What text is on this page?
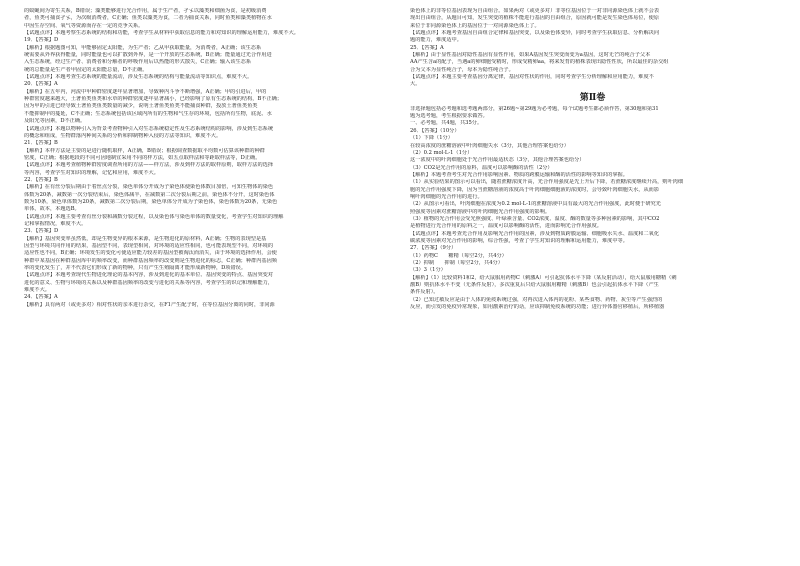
的蚊蝇间为寄生关系，B错误；藻类能够进行光合作用，属于生产者，孑孓以藻类和细菌为食，是初级消费
者，鱼类可捕食孑孓，为次级消费者，C正确；鱼类以藻类为食，二者为捕食关系，同时鱼类和藻类植物在水
中因生存空间、氧气等资源而存在一定的竞争关系。
【试题点评】本题考察生态系统的结构和功能，考查学生从材料中获取信息的能力和对知识的理解运用能力，难度不大。
19．【答案】D
【解析】根据题图可知，甲能够固定太阳能，为生产者；乙从甲获取能量，为消费者，A正确；该生态系
统需要从外界获得能量，同时能量也可以扩散到外界，是一个开放的生态系统，B正确；能量通过光合作用进
入生态系统，经过生产者、消费者和分解者的呼吸作用后以热能的形式散失，C正确；输入该生态系
统的总能量是生产者甲固定的太阳能总量，D不正确。
【试题点评】本题考查生态系统的能量流动，涉及生态系统的结构与能量流动等知识点，难度不大。
20．【答案】A
【解析】在五年内，河流中甲种群密度逐年显著增加，导致种内斗争不断增强，A正确；甲的引进后，甲的
种群密度越来越大，土著鱼类鱼类和水草的种群密度逐年显著减小，已经影响了原有生态系统的结构，B不正确；
因为甲的引进已经导致土著鱼类鱼类数量的减少，说明土著鱼类鱼类不能捕食种群，投放土著鱼类鱼类
不能抑制甲的蔓延，C不正确；生态系统包括该区域内所有的生物和气生存的环境，包括所有生物，底泥、水
及阳光等因素，D不正确。
【试题点评】本题以物种引入为背景考查物种引入对生态系统稳定性及生态系统结构的影响，涉及到生态系统
的概念和组成，生物群落内种间关系的分析和抑制物种入侵的方法等知识，难度不大。
21．【答案】B
【解析】本样方法是主要的是进行随机取样，A正确，B错误；根据调查数据取平均数可估算该种群的种群
密度，C正确；根据地段的不同可因地制宜采用不同的样方法，如五点取样法和等距取样法等，D正确。
【试题点评】本题考查植物种群密度调查所用的方法——样方法，涉及到样方法的取样原则，取样方法的选择
等内容，考查学生对知识的理解，记忆和应用，难度不大。
22．【答案】B
【解析】在有丝分裂后期由于着丝点分裂，染色单体分开成为子染色体使染色体数目加倍，可知生物体的染色
体数为20条，减数第一次分裂结束后，染色体减半，在减数第二次分裂后期之前，染色体不分开，这时染色体
数为10条，染色单体数为20条，减数第二次分裂后期，染色单体分开成为子染色体，染色体数为20条，无染色
单体，故本，本题选B。
【试题点评】本题主要考查有丝分裂和减数分裂过程，以及染色体与染色单体的数量变化，考查学生对知识的理解
记和掌握情况，难度不大。
23．【答案】D
【解析】基因突变率虽然低，却是生物变异的根本来源，是生物进化的原材料，A正确；生物的表现型是基
因型与环境共同作用的结果，基因型不同，表现型相同，对环境的适应性相同，也可能表现型不同，对环境的
适应性也不同，B正确；环境发生的变化可使适应能力较差的基因型被淘汰而消失，由于环境的选择作用，会使
种群中某基因在种群基因库中的频率改变，而种群基因频率的改变则是生物进化的标志，C正确；种群内基因频
率的变化发生了，并不代表它们形成了新的物种，只有产生生殖隔离才能形成新物种，D项错误。
【试题点评】本题考查现代生物进化理论的基本内容，涉及到进化的基本单位、基因突变的特点、基因突变对
进化的意义、生物与环境的关系以及种群基因频率的改变与进化的关系等内容，考查学生的识记和理解能力，
难度不大。
24．【答案】A
【解析】具有两对（或更多对）相对性状的亲本进行杂交，在F1产生配子时，在等位基因分离的同时，非同源
染色体上的非等位基因表现为自由组合。如果两对（或更多对）非等位基因位于一对非同源染色体上就不会表
现出自由组合，从题目可知，发生突变的植株不能进行基因的自由组合，原因就可能是发生染色体易位，使原
来位于非同源染色体上的基因位于一对同源染色体上了。
【试题点评】本题考查基因自由组合定律和基因突变，以及染色体变异，同时考查学生获取信息、分析解决问
题的能力，难度适中。
25．【答案】A
【解析】由于显性基因对隐性基因有显性作用，如果A基因发生突变而变为a基因，这时无芒的纯合子父本
AA产生含a的配子，当遇a的卵细胞受精时，形成受精卵aa，将来发育的植株表现出隐性性状，所以最佳的杂交组
合为父本为显性纯合子，母本为隐性纯合子。
【试题点评】本题主要考查基因分离定律，基因对性状的作用，同时考查学生分析理解和应用能力，难度不
大。
第Ⅱ卷
非选择题包括必考题和选考题两部分，第26题~第29题为必考题，每个试题考生都必须作答，第30题和第31
题为选考题，考生根据要求做答。
一、必考题，共4题，共35分。
26．【答案】（10分）
（1）下降（1分）
在较高浓度的蔗糖溶液中叶肉细胞失水（3分，其他合理答案也给分）
（2）0.2 mol·L-1（1分）
这一浓度中的叶肉细胞处于光合作用最适状态（3分，其他合理答案也给分）
（3）CO2是光合作用的原料，温度可以影响酶的活性（2分）
【解析】本题考查考生对光合作用影响因素、物质的跨膜运输和酶的活性的影响等知识的掌握。
（1）从实验结果的图示可以看出，随着蔗糖浓度升高，光合作用强度是先上升后下降，若蔗糖浓度继续升高，则叶肉细
胞的光合作用强度下降，因为当蔗糖溶液的浓度高于叶肉细胞细胞液的浓度时，会导致叶肉细胞失水，从而影
响叶肉细胞的光合作用的进行。
（2）从图示可看出，叶肉细胞在浓度为0.2 mol·L-1的蔗糖溶液中具有最大的光合作用强度，此时便于研究光
照强度等因素对蔗糖溶液中的叶肉细胞光合作用强度的影响。
（3）植物的光合作用会受光照强度、叶绿素含量、CO2浓度、温度、酶的数量等多种因素的影响，其中CO2
是植物进行光合作用的原料之一，温度可以影响酶的活性，进而影响光合作用强度。
【试题点评】本题考查光合作用及影响光合作用的因素，涉及到物质跨膜运输、细胞吸水失水、温度和二氧化
碳浓度等因素对光合作用的影响，综合性强，考查了学生对知识的理解和运用能力，难度中等。
27．【答案】（9分）
（1）药物C　　糖精（每空2分，共4分）
（2）抑制　　抑制（每空2分，共4分）
（3）3（1分）
【解析】（1）比较资料1和2，给大鼠服用药物C（刺激A）可引起抗体水平下降（某反射活动），给大鼠服用糖精（刺
激B）则抗体水平不变（无条件反射），多次重复后只给大鼠服用糖精（刺激B）也会引起抗体水平下降（产生
条件反射）。
（2）已知过敏反应是由于人体的免疫系统过强，对再次进入体内的花粉、某些食物、药物、灰尘等产生强烈的
反应，而引发的免疫异常现象，如用激素治疗的话，应该抑制免疫系统的功能；进行异体器官移植后，所移植器
